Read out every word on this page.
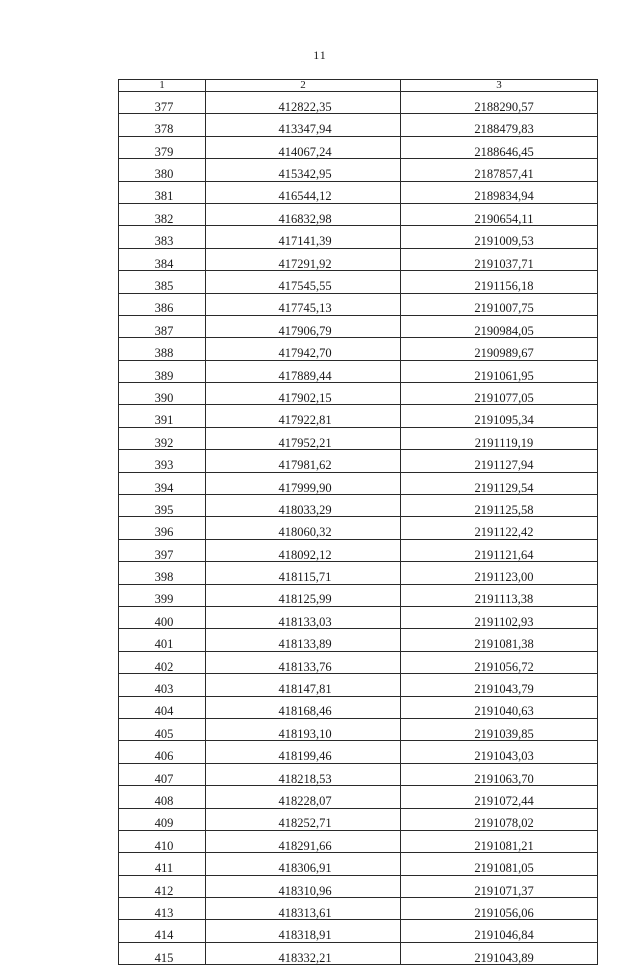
11
1	2	3
377	412822,35	2188290,57
378	413347,94	2188479,83
379	414067,24	2188646,45
380	415342,95	2187857,41
381	416544,12	2189834,94
382	416832,98	2190654,11
383	417141,39	2191009,53
384	417291,92	2191037,71
385	417545,55	2191156,18
386	417745,13	2191007,75
387	417906,79	2190984,05
388	417942,70	2190989,67
389	417889,44	2191061,95
390	417902,15	2191077,05
391	417922,81	2191095,34
392	417952,21	2191119,19
393	417981,62	2191127,94
394	417999,90	2191129,54
395	418033,29	2191125,58
396	418060,32	2191122,42
397	418092,12	2191121,64
398	418115,71	2191123,00
399	418125,99	2191113,38
400	418133,03	2191102,93
401	418133,89	2191081,38
402	418133,76	2191056,72
403	418147,81	2191043,79
404	418168,46	2191040,63
405	418193,10	2191039,85
406	418199,46	2191043,03
407	418218,53	2191063,70
408	418228,07	2191072,44
409	418252,71	2191078,02
410	418291,66	2191081,21
411	418306,91	2191081,05
412	418310,96	2191071,37
413	418313,61	2191056,06
414	418318,91	2191046,84
415	418332,21	2191043,89
